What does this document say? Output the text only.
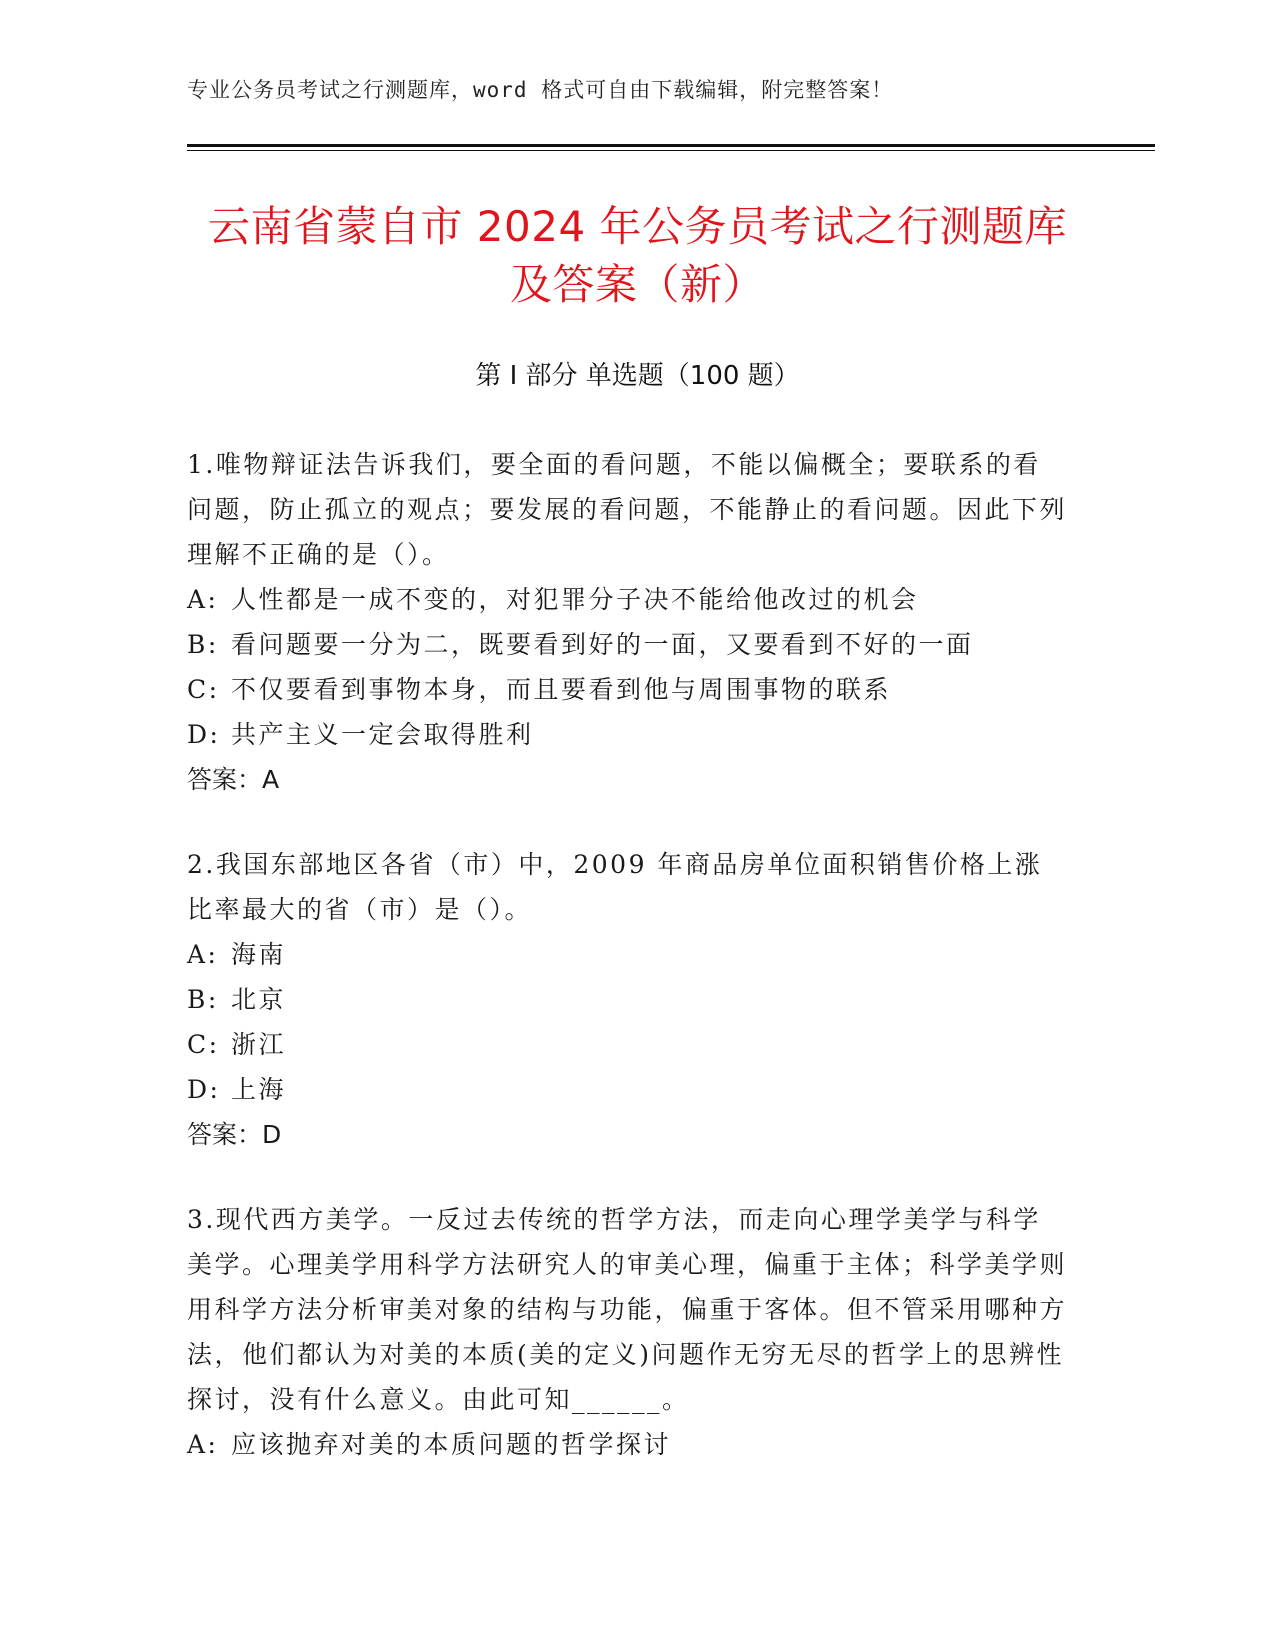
专业公务员考试之行测题库，word 格式可自由下载编辑，附完整答案！
云南省蒙自市 2024 年公务员考试之行测题库
及答案（新）
第 I 部分 单选题（100 题）

1.唯物辩证法告诉我们，要全面的看问题，不能以偏概全；要联系的看问题，防止孤立的观点；要发展的看问题，不能静止的看问题。因此下列理解不正确的是（）。

A: 人性都是一成不变的，对犯罪分子决不能给他改过的机会

B: 看问题要一分为二，既要看到好的一面，又要看到不好的一面

C: 不仅要看到事物本身，而且要看到他与周围事物的联系

D: 共产主义一定会取得胜利

答案：A

2.我国东部地区各省（市）中，2009 年商品房单位面积销售价格上涨比率最大的省（市）是（）。

A: 海南

B: 北京

C: 浙江

D: 上海

答案：D

3.现代西方美学。一反过去传统的哲学方法，而走向心理学美学与科学美学。心理美学用科学方法研究人的审美心理，偏重于主体；科学美学则用科学方法分析审美对象的结构与功能，偏重于客体。但不管采用哪种方法，他们都认为对美的本质(美的定义)问题作无穷无尽的哲学上的思辨性探讨，没有什么意义。由此可知______。

A: 应该抛弃对美的本质问题的哲学探讨
